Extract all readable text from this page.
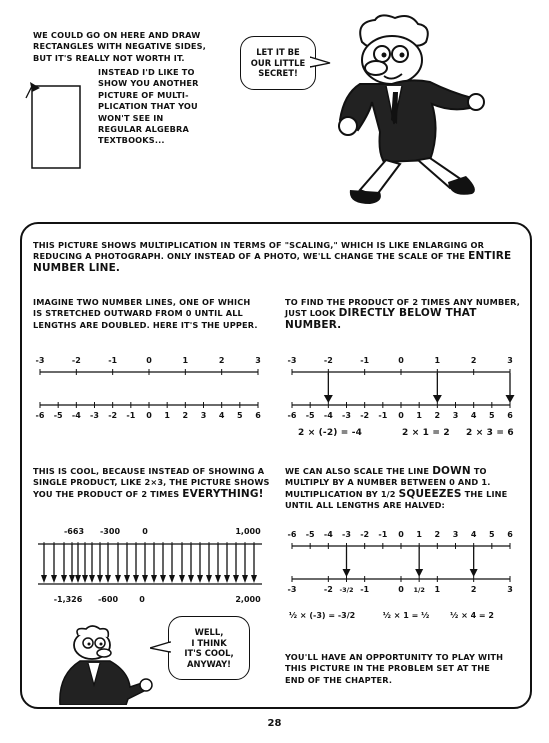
WE COULD GO ON HERE AND DRAW RECTANGLES WITH NEGATIVE SIDES, BUT IT'S REALLY NOT WORTH IT.
INSTEAD I'D LIKE TO
SHOW YOU ANOTHER
PICTURE OF MULTI-
PLICATION THAT YOU
WON'T SEE IN
REGULAR ALGEBRA
TEXTBOOKS...
LET IT BE
OUR LITTLE
SECRET!
THIS PICTURE SHOWS MULTIPLICATION IN TERMS OF "SCALING," WHICH IS LIKE ENLARGING OR REDUCING A PHOTOGRAPH. ONLY INSTEAD OF A PHOTO, WE'LL CHANGE THE SCALE OF THE ENTIRE NUMBER LINE.
IMAGINE TWO NUMBER LINES, ONE OF WHICH
IS STRETCHED OUTWARD FROM 0 UNTIL ALL
LENGTHS ARE DOUBLED. HERE IT'S THE UPPER.
TO FIND THE PRODUCT OF 2 TIMES ANY NUMBER,
JUST LOOK DIRECTLY BELOW THAT NUMBER.
-3	-2	-1	0	1	2	3
-6 -5 -4 -3 -2 -1 0 1 2 3 4 5 6
-3	-2	-1	0	1	2	3
-6 -5 -4 -3 -2 -1 0 1 2 3 4 5 6
2 × (-2) = -4	2 × 1 = 2 2 × 3 = 6
THIS IS COOL, BECAUSE INSTEAD OF SHOWING A
SINGLE PRODUCT, LIKE 2×3, THE PICTURE SHOWS
YOU THE PRODUCT OF 2 TIMES EVERYTHING!
WE CAN ALSO SCALE THE LINE DOWN TO
MULTIPLY BY A NUMBER BETWEEN 0 AND 1.
MULTIPLICATION BY 1/2 SQUEEZES THE LINE
UNTIL ALL LENGTHS ARE HALVED:
-663 -300	0	1,000
-1,326 -600	0	2,000
-6 -5 -4 -3 -2 -1 0 1 2 3 4 5 6
-3	-2 -3/2 -1	0 1/2 1	2	3
½ × (-3) = -3/2	½ × 1 = ½	½ × 4 = 2
WELL,
I THINK
IT'S COOL,
ANYWAY!
YOU'LL HAVE AN OPPORTUNITY TO PLAY WITH
THIS PICTURE IN THE PROBLEM SET AT THE
END OF THE CHAPTER.
28
